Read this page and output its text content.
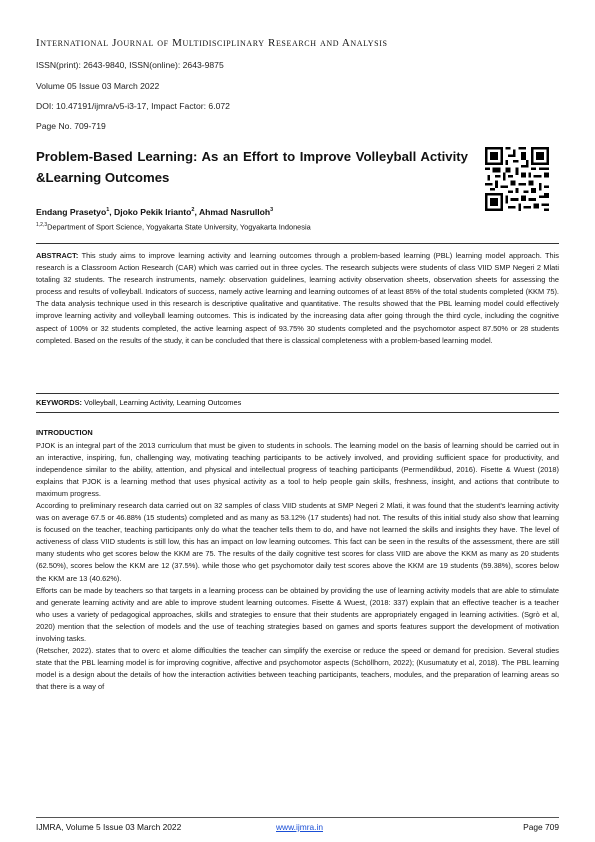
International Journal of Multidisciplinary Research and Analysis
ISSN(print): 2643-9840, ISSN(online): 2643-9875
Volume 05 Issue 03 March 2022
DOI: 10.47191/ijmra/v5-i3-17, Impact Factor: 6.072
Page No. 709-719
Problem-Based Learning: As an Effort to Improve Volleyball Activity &Learning Outcomes
Endang Prasetyo$^1$, Djoko Pekik Irianto$^2$, Ahmad Nasrulloh$^3$
$^{1,2,3}$Department of Sport Science, Yogyakarta State University, Yogyakarta Indonesia

ABSTRACT: This study aims to improve learning activity and learning outcomes through a problem-based learning (PBL) learning model approach. This research is a Classroom Action Research (CAR) which was carried out in three cycles. The research subjects were students of class VIID SMP Negeri 2 Mlati totaling 32 students. The research instruments, namely: observation guidelines, learning activity observation sheets, observation sheets for assessing the process and results of volleyball. Indicators of success, namely active learning and learning outcomes of at least 85% of the total students completed (KKM 75). The data analysis technique used in this research is descriptive qualitative and quantitative. The results showed that the PBL learning model could effectively improve learning activity and volleyball learning outcomes. This is indicated by the increasing data after going through the third cycle, including the cognitive aspect of 100% or 32 students completed, the active learning aspect of 93.75% 30 students completed and the psychomotor aspect 87.50% or 28 students completed. Based on the results of the study, it can be concluded that there is classical completeness with a problem-based learning model.

KEYWORDS: Volleyball, Learning Activity, Learning Outcomes
INTRODUCTION

PJOK is an integral part of the 2013 curriculum that must be given to students in schools. The learning model on the basis of learning should be carried out in an interactive, inspiring, fun, challenging way, motivating teaching participants to be actively involved, and providing sufficient space for productivity, and independence similar to the ability, attention, and physical and intellectual progress of teaching participants (Permendikbud, 2016). Fisette & Wuest (2018) explains that PJOK is a learning method that uses physical activity as a tool to help people gain skills, freshness, insight, and actions that contribute to maximum progress.

According to preliminary research data carried out on 32 samples of class VIID students at SMP Negeri 2 Mlati, it was found that the student's learning activity was on average 67.5 or 46.88% (15 students) completed and as many as 53.12% (17 students) had not. The results of this initial study also show that learning is focused on the teacher, teaching participants only do what the teacher tells them to do, and have not learned the skills and insights they have. The level of activeness of class VIID students is still low, this has an impact on low learning outcomes. This fact can be seen in the results of the assessment, there are still many students who get scores below the KKM are 75. The results of the daily cognitive test scores for class VIID are above the KKM as many as 20 students (62.50%), scores below the KKM are 12 (37.5%). while those who get psychomotor daily test scores above the KKM are 19 students (59.38%), scores below the KKM are 13 (40.62%).

Efforts can be made by teachers so that targets in a learning process can be obtained by providing the use of learning activity models that are able to stimulate and generate learning activity and are able to improve student learning outcomes. Fisette & Wuest, (2018: 337) explain that an effective teacher is a teacher who uses a variety of pedagogical approaches, skills and strategies to ensure that their students are appropriately engaged in learning activities. (Sgrò et al, 2020) mention that the selection of models and the use of teaching strategies based on games and sports features support the development of motivation involving tasks.

(Retscher, 2022). states that to overc et alome difficulties the teacher can simplify the exercise or reduce the speed or demand for precision. Several studies state that the PBL learning model is for improving cognitive, affective and psychomotor aspects (Schöllhorn, 2022); (Kusumatuty et al, 2018). The PBL learning model is a design about the details of how the interaction activities between teaching participants, teachers, modules, and the preparation of learning areas so that there is a way of

IJMRA, Volume 5 Issue 03 March 2022	www.ijmra.in	Page 709
